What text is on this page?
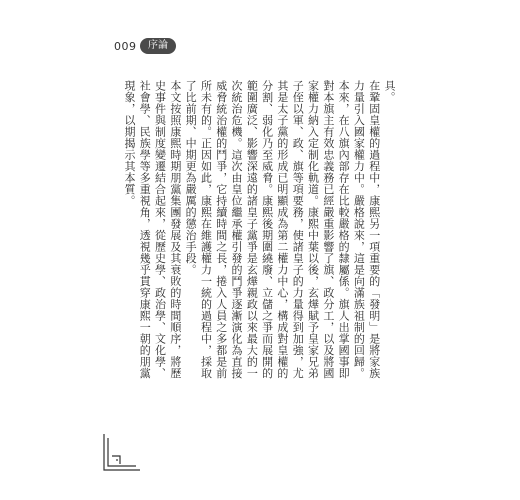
009	序論

具。

在鞏固皇權的過程中，康熙另一項重要的「發明」是將家族力量引入國家權力中。嚴格說來，這是向滿族祖制的回歸。本來，在八旗內部存在比較嚴格的隸屬係。旗人出掌國事即對本旗主有效忠義務已經嚴重影響了旗、政分工，以及將國家權力納入定制化軌道。康熙中葉以後，玄燁賦予皇家兄弟子侄以軍、政、旗等項要務，使諸皇子的力量得到加強，尤其是太子黨的形成已明顯成為第二權力中心，構成對皇權的分割、弱化乃至威脅。康熙後期圍繞廢、立儲之爭而展開的範圍廣泛、影響深遠的諸皇子黨爭是玄燁親政以來最大的一次統治危機。這次由皇位繼承權引發的鬥爭逐漸演化為直接威脅統治權的鬥爭，它持續時間之長，捲入人員之多都是前所未有的。正因如此，康熙在維護權力一統的過程中，採取了比前期、中期更為嚴厲的懲治手段。

本文按照康熙時期朋黨集團發展及其衰敗的時間順序，將歷史事件與制度變遷結合起來，從歷史學、政治學、文化學、社會學、民族學等多重視角，透視幾乎貫穿康熙一朝的朋黨現象，以期揭示其本質。
